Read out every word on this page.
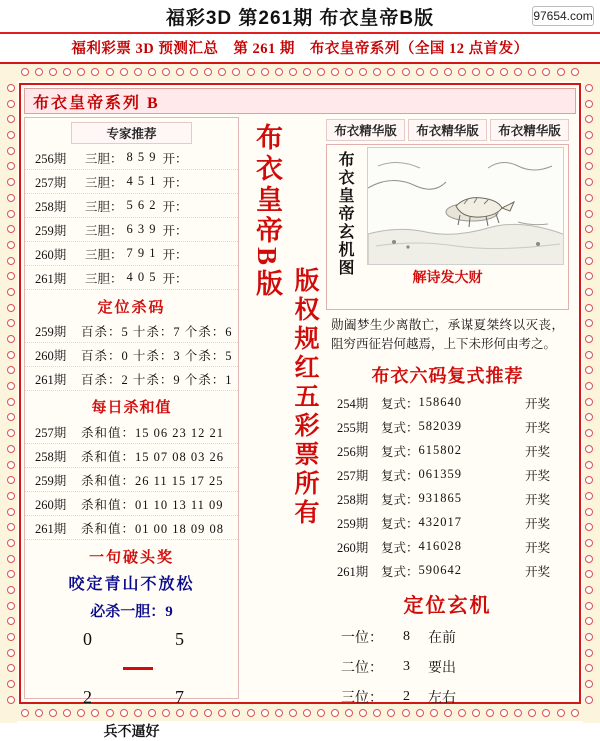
97654.com
福彩3D 第261期 布衣皇帝B版
福利彩票 3D 预测汇总　第 261 期　布衣皇帝系列（全国 12 点首发）
布衣皇帝系列 B
专家推荐
256期	三胆： 8 5 9 开：
257期	三胆： 4 5 1 开：
258期	三胆： 5 6 2 开：
259期	三胆： 6 3 9 开：
260期	三胆： 7 9 1 开：
261期	三胆： 4 0 5 开：
定位杀码
259期	百杀：5 十杀：7 个杀：6
260期	百杀：0 十杀：3 个杀：5
261期	百杀：2 十杀：9 个杀：1
每日杀和值
257期	杀和值：15 06 23 12 21
258期	杀和值：15 07 08 03 26
259期	杀和值：26 11 15 17 25
260期	杀和值：01 10 13 11 09
261期	杀和值：01 00 18 09 08
一句破头奖
咬定青山不放松
必杀一胆：9
0	5
2	7
兵不逼好
布衣皇帝B版
版权规红五彩票所有
布衣精华版	布衣精华版	布衣精华版
布衣皇帝玄机图
解诗发大财
勋阖梦生少离散亡，承谋夏桀终以灭丧，阻穷西征岩何越焉，上下未形何由考之。
布衣六码复式推荐
254期	复式： 158640	开奖
255期	复式： 582039	开奖
256期	复式： 615802	开奖
257期	复式： 061359	开奖
258期	复式： 931865	开奖
259期	复式： 432017	开奖
260期	复式： 416028	开奖
261期	复式： 590642	开奖
定位玄机
一位：	8 在前
二位：	3 要出
三位：	2 左右
